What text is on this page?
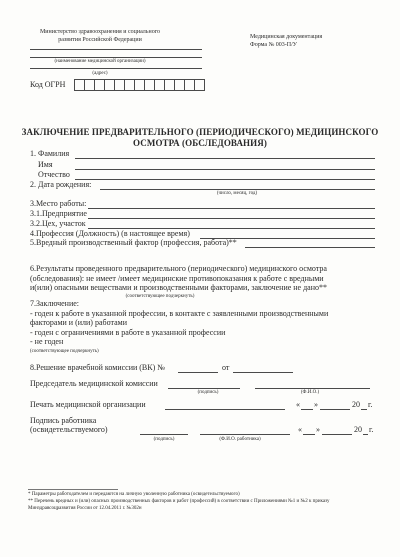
Министерство здравоохранения и социального
развития Российской Федерации
(наименование медицинской организации)
(адрес)
Код ОГРН
Медицинская документация
Форма № 003-П/У
ЗАКЛЮЧЕНИЕ ПРЕДВАРИТЕЛЬНОГО (ПЕРИОДИЧЕСКОГО) МЕДИЦИНСКОГО
ОСМОТРА (ОБСЛЕДОВАНИЯ)
1. Фамилия
Имя
Отчество
2. Дата рождения:
(число, месяц, год)
3.Место работы:
3.1.Предприятие
3.2.Цех, участок
4.Профессия (Должность) (в настоящее время)
5.Вредный производственный фактор (профессия, работа)**
6.Результаты проведенного предварительного (периодического) медицинского осмотра
(обследования): не имеет /имеет медицинские противопоказания к работе с вредными
и(или) опасными веществами и производственными факторами, заключение не дано**
(соответствующее подчеркнуть)
7.Заключение:
- годен к работе в указанной профессии, в контакте с заявленными производственными
факторами и (или) работами
- годен с ограничениями в работе в указанной профессии
- не годен
(соответствующее подчеркнуть)
8.Решение врачебной комиссии (ВК) №	от
Председатель медицинской комиссии
(подпись)	(Ф.И.О.)
Печать медицинской организации	« »	20 г.
Подпись работника
(освидетельствуемого)
(подпись)	(Ф.И.О. работника)
« »	20 г.
* Параметры работодателем и передаются на личную уволенную работника (освидетельствуемого)
** Перечень вредных и (или) опасных производственных факторов и работ (профессий) в соответствии с Приложениями №1 и №2 к приказу
Минздравсоцразвития России от 12.04.2011 г. №302н
